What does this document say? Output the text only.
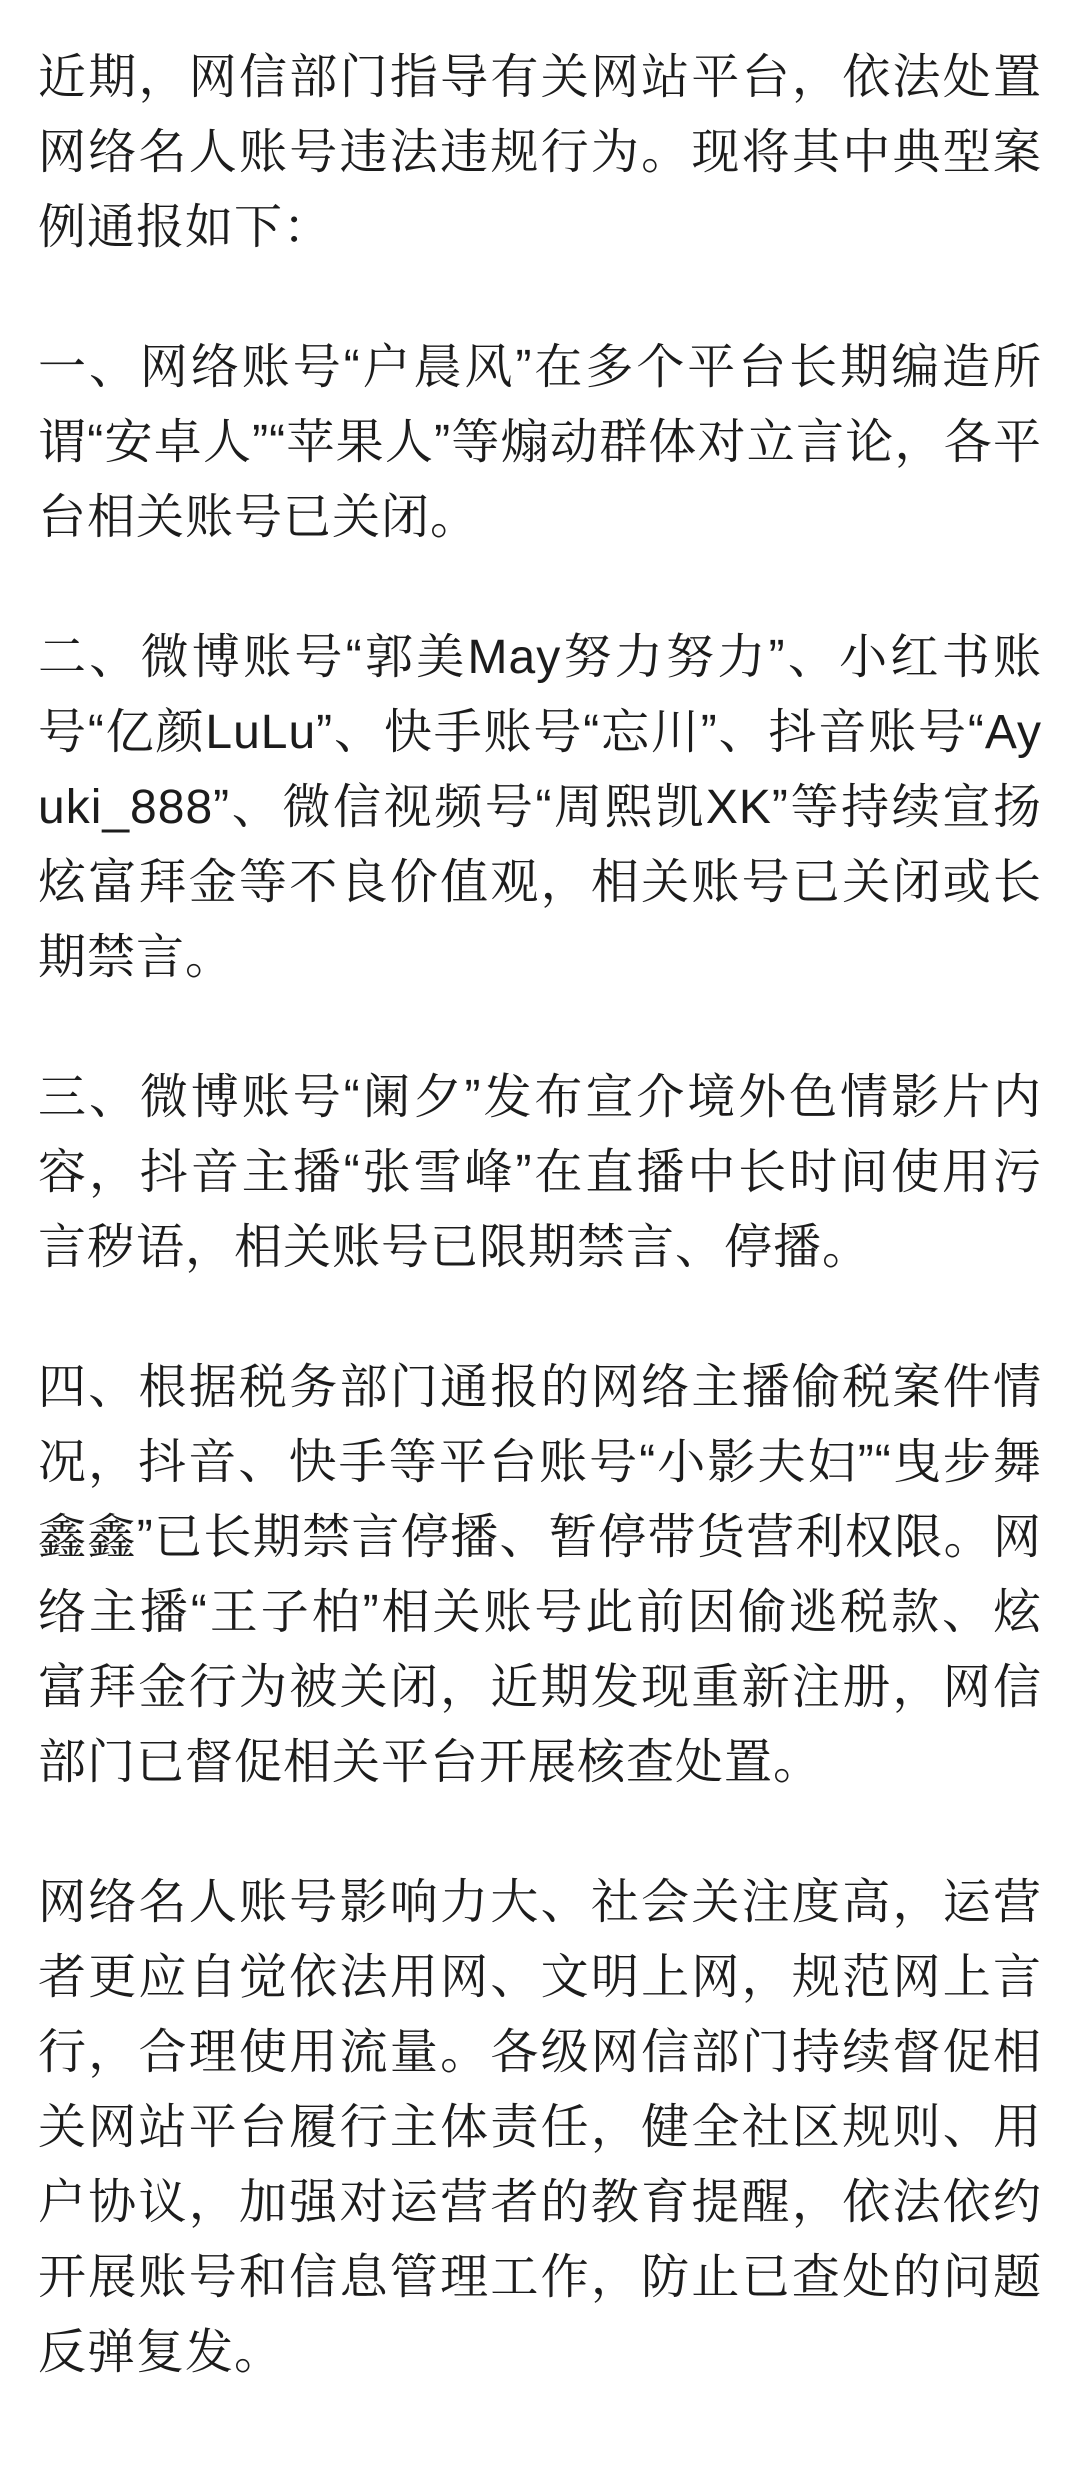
近期，网信部门指导有关网站平台，依法处置网络名人账号违法违规行为。现将其中典型案例通报如下：

一、网络账号“户晨风”在多个平台长期编造所谓“安卓人”“苹果人”等煽动群体对立言论，各平台相关账号已关闭。

二、微博账号“郭美May努力努力”、小红书账号“亿颜LuLu”、快手账号“忘川”、抖音账号“Ayuki_888”、微信视频号“周熙凯XK”等持续宣扬炫富拜金等不良价值观，相关账号已关闭或长期禁言。

三、微博账号“阑夕”发布宣介境外色情影片内容，抖音主播“张雪峰”在直播中长时间使用污言秽语，相关账号已限期禁言、停播。

四、根据税务部门通报的网络主播偷税案件情况，抖音、快手等平台账号“小影夫妇”“曳步舞鑫鑫”已长期禁言停播、暂停带货营利权限。网络主播“王子柏”相关账号此前因偷逃税款、炫富拜金行为被关闭，近期发现重新注册，网信部门已督促相关平台开展核查处置。

网络名人账号影响力大、社会关注度高，运营者更应自觉依法用网、文明上网，规范网上言行，合理使用流量。各级网信部门持续督促相关网站平台履行主体责任，健全社区规则、用户协议，加强对运营者的教育提醒，依法依约开展账号和信息管理工作，防止已查处的问题反弹复发。
